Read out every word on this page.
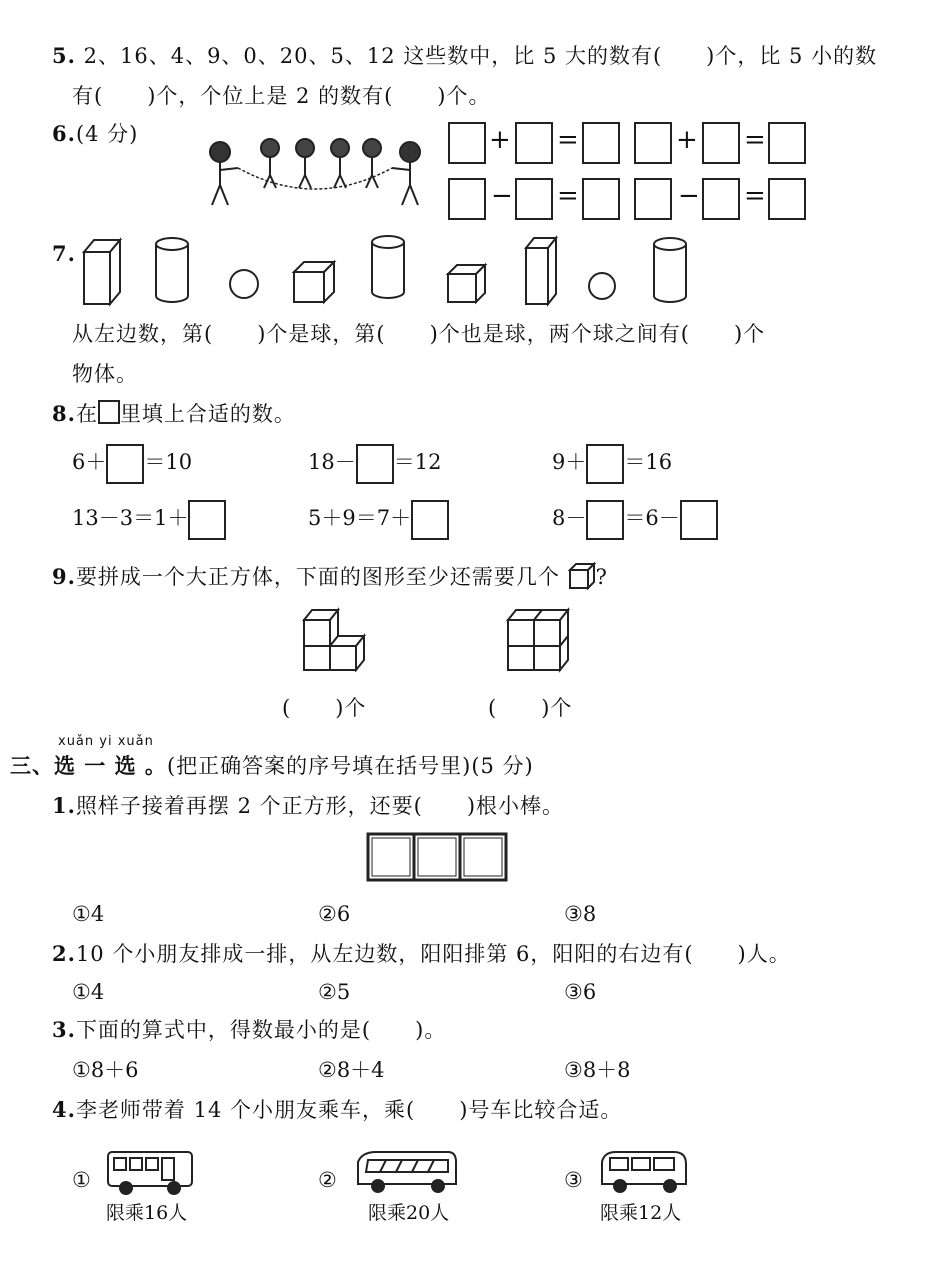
5. 2、16、4、9、0、20、5、12 这些数中，比 5 大的数有(　　)个，比 5 小的数
有(　　)个，个位上是 2 的数有(　　)个。
6.(4 分)	+ =	+ =
− =	− =
7.
从左边数，第(　　)个是球，第(　　)个也是球，两个球之间有(　　)个
物体。
8.在 里填上合适的数。
6＋ ＝10	18－ ＝12	9＋ ＝16
13－3＝1＋	5＋9＝7＋	8－ ＝6－
9.要拼成一个大正方体，下面的图形至少还需要几个 ?
(　　)个	(　　)个
xuǎn yi xuǎn
三、选 一 选 。(把正确答案的序号填在括号里)(5 分)
1.照样子接着再摆 2 个正方形，还要(　　)根小棒。
①4	②6	③8
2.10 个小朋友排成一排，从左边数，阳阳排第 6，阳阳的右边有(　　)人。
①4	②5	③6
3.下面的算式中，得数最小的是(　　)。
①8＋6	②8＋4	③8＋8
4.李老师带着 14 个小朋友乘车，乘(　　)号车比较合适。
①
限乘16人
②
限乘20人
③
限乘12人
